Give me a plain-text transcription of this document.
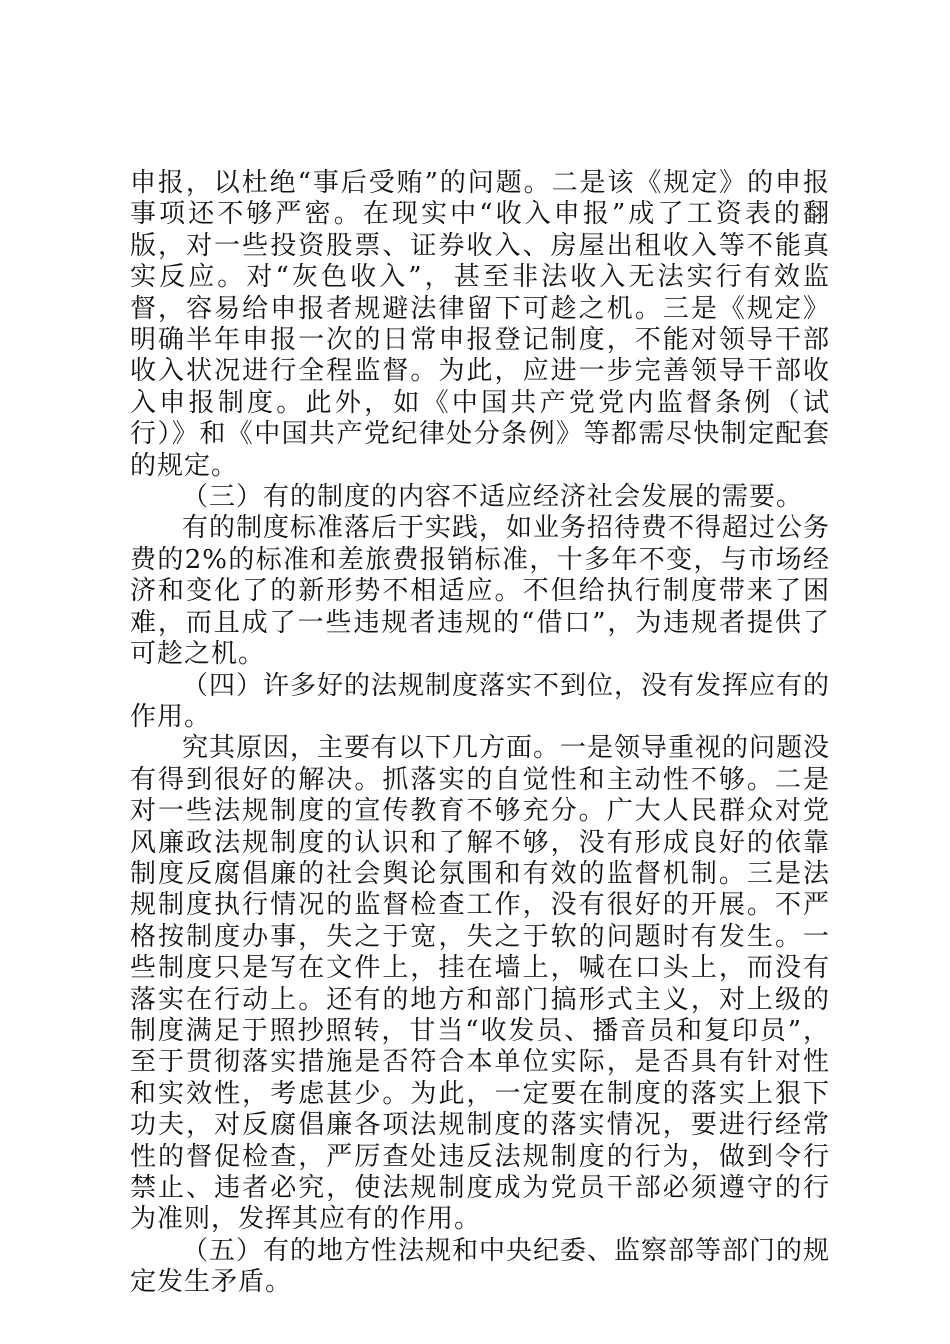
申报，以杜绝“事后受贿”的问题。二是该《规定》的申报事项还不够严密。在现实中“收入申报”成了工资表的翻版，对一些投资股票、证券收入、房屋出租收入等不能真实反应。对“灰色收入”，甚至非法收入无法实行有效监督，容易给申报者规避法律留下可趁之机。三是《规定》明确半年申报一次的日常申报登记制度，不能对领导干部收入状况进行全程监督。为此，应进一步完善领导干部收入申报制度。此外，如《中国共产党党内监督条例（试行）》和《中国共产党纪律处分条例》等都需尽快制定配套的规定。

（三）有的制度的内容不适应经济社会发展的需要。

有的制度标准落后于实践，如业务招待费不得超过公务费的2%的标准和差旅费报销标准，十多年不变，与市场经济和变化了的新形势不相适应。不但给执行制度带来了困难，而且成了一些违规者违规的“借口”，为违规者提供了可趁之机。

（四）许多好的法规制度落实不到位，没有发挥应有的作用。

究其原因，主要有以下几方面。一是领导重视的问题没有得到很好的解决。抓落实的自觉性和主动性不够。二是对一些法规制度的宣传教育不够充分。广大人民群众对党风廉政法规制度的认识和了解不够，没有形成良好的依靠制度反腐倡廉的社会舆论氛围和有效的监督机制。三是法规制度执行情况的监督检查工作，没有很好的开展。不严格按制度办事，失之于宽，失之于软的问题时有发生。一些制度只是写在文件上，挂在墙上，喊在口头上，而没有落实在行动上。还有的地方和部门搞形式主义，对上级的制度满足于照抄照转，甘当“收发员、播音员和复印员”，至于贯彻落实措施是否符合本单位实际，是否具有针对性和实效性，考虑甚少。为此，一定要在制度的落实上狠下功夫，对反腐倡廉各项法规制度的落实情况，要进行经常性的督促检查，严厉查处违反法规制度的行为，做到令行禁止、违者必究，使法规制度成为党员干部必须遵守的行为准则，发挥其应有的作用。

（五）有的地方性法规和中央纪委、监察部等部门的规定发生矛盾。
